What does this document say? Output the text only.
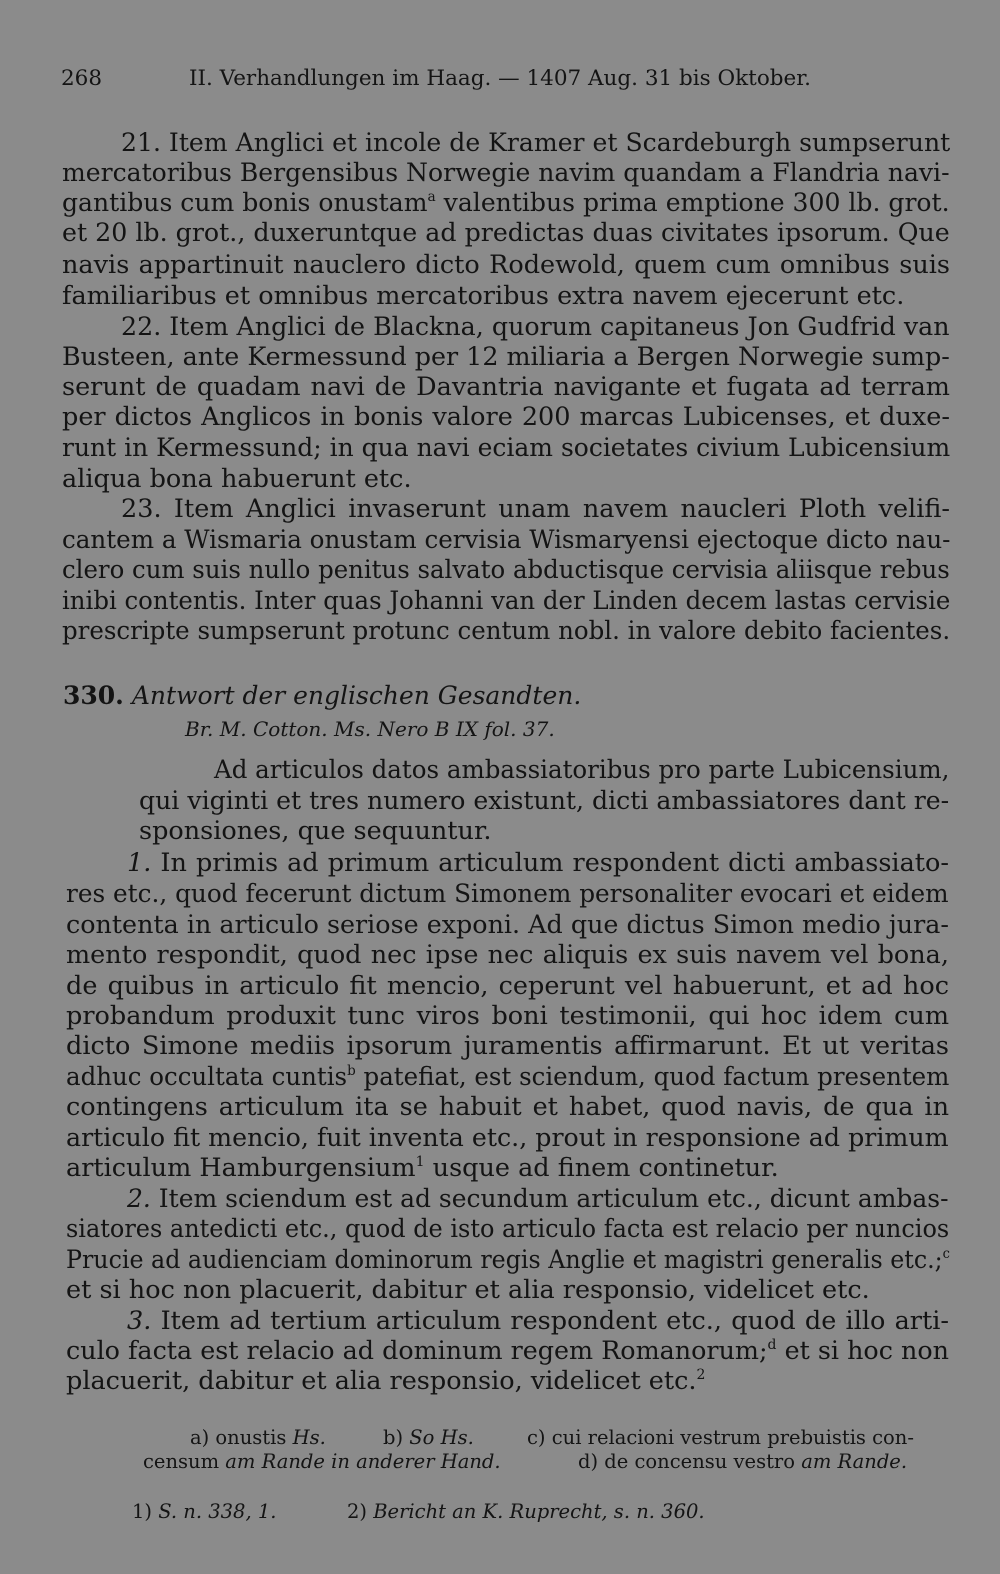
268	II. Verhandlungen im Haag. — 1407 Aug. 31 bis Oktober.
21. Item Anglici et incole de Kramer et Scardeburgh sumpserunt
mercatoribus Bergensibus Norwegie navim quandam a Flandria navi-
gantibus cum bonis onustam$^a$ valentibus prima emptione 300 lb. grot.
et 20 lb. grot., duxeruntque ad predictas duas civitates ipsorum. Que
navis appartinuit nauclero dicto Rodewold, quem cum omnibus suis
familiaribus et omnibus mercatoribus extra navem ejecerunt etc.
22. Item Anglici de Blackna, quorum capitaneus Jon Gudfrid van
Busteen, ante Kermessund per 12 miliaria a Bergen Norwegie sump-
serunt de quadam navi de Davantria navigante et fugata ad terram
per dictos Anglicos in bonis valore 200 marcas Lubicenses, et duxe-
runt in Kermessund; in qua navi eciam societates civium Lubicensium
aliqua bona habuerunt etc.
23. Item Anglici invaserunt unam navem naucleri Ploth velifi-
cantem a Wismaria onustam cervisia Wismaryensi ejectoque dicto nau-
clero cum suis nullo penitus salvato abductisque cervisia aliisque rebus
inibi contentis. Inter quas Johanni van der Linden decem lastas cervisie
prescripte sumpserunt protunc centum nobl. in valore debito facientes.
330. Antwort der englischen Gesandten.
Br. M. Cotton. Ms. Nero B IX fol. 37.
Ad articulos datos ambassiatoribus pro parte Lubicensium,
qui viginti et tres numero existunt, dicti ambassiatores dant re-
sponsiones, que sequuntur.
1. In primis ad primum articulum respondent dicti ambassiato-
res etc., quod fecerunt dictum Simonem personaliter evocari et eidem
contenta in articulo seriose exponi. Ad que dictus Simon medio jura-
mento respondit, quod nec ipse nec aliquis ex suis navem vel bona,
de quibus in articulo fit mencio, ceperunt vel habuerunt, et ad hoc
probandum produxit tunc viros boni testimonii, qui hoc idem cum
dicto Simone mediis ipsorum juramentis affirmarunt. Et ut veritas
adhuc occultata cuntis$^b$ patefiat, est sciendum, quod factum presentem
contingens articulum ita se habuit et habet, quod navis, de qua in
articulo fit mencio, fuit inventa etc., prout in responsione ad primum
articulum Hamburgensium$^1$ usque ad finem continetur.
2. Item sciendum est ad secundum articulum etc., dicunt ambas-
siatores antedicti etc., quod de isto articulo facta est relacio per nuncios
Prucie ad audienciam dominorum regis Anglie et magistri generalis etc.;$^c$
et si hoc non placuerit, dabitur et alia responsio, videlicet etc.
3. Item ad tertium articulum respondent etc., quod de illo arti-
culo facta est relacio ad dominum regem Romanorum;$^d$ et si hoc non
placuerit, dabitur et alia responsio, videlicet etc.$^2$
a) onustis Hs.	b) So Hs.	c) cui relacioni vestrum prebuistis con-
censum am Rande in anderer Hand.	d) de concensu vestro am Rande.
1) S. n. 338, 1.	2) Bericht an K. Ruprecht, s. n. 360.
